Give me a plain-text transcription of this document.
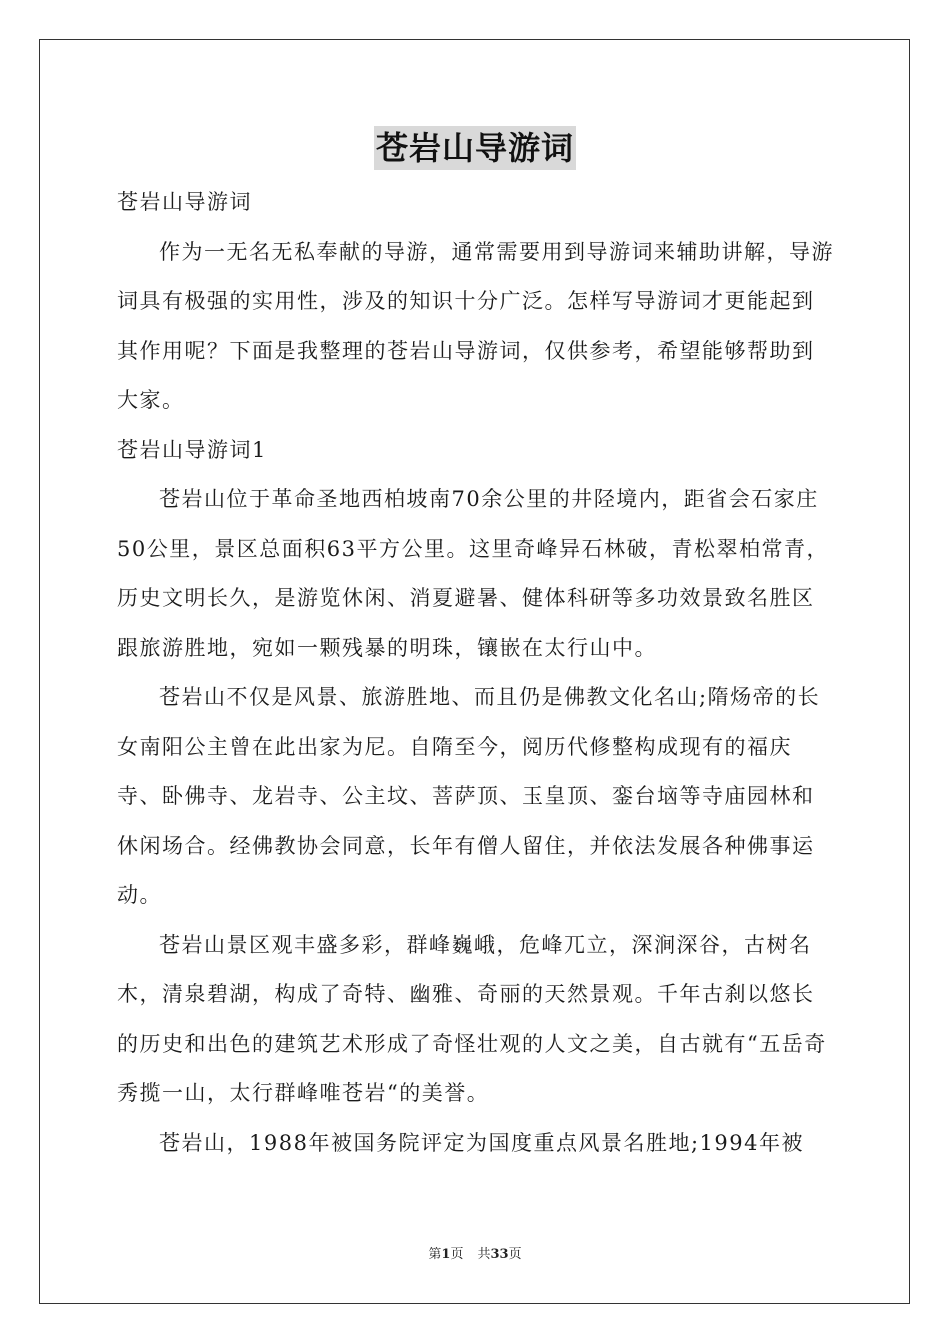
苍岩山导游词

苍岩山导游词

作为一无名无私奉献的导游，通常需要用到导游词来辅助讲解，导游词具有极强的实用性，涉及的知识十分广泛。怎样写导游词才更能起到其作用呢？下面是我整理的苍岩山导游词，仅供参考，希望能够帮助到大家。

苍岩山导游词1

苍岩山位于革命圣地西柏坡南70余公里的井陉境内，距省会石家庄50公里，景区总面积63平方公里。这里奇峰异石林破，青松翠柏常青，历史文明长久，是游览休闲、消夏避暑、健体科研等多功效景致名胜区跟旅游胜地，宛如一颗残暴的明珠，镶嵌在太行山中。

苍岩山不仅是风景、旅游胜地、而且仍是佛教文化名山;隋炀帝的长女南阳公主曾在此出家为尼。自隋至今，阅历代修整构成现有的福庆寺、卧佛寺、龙岩寺、公主坟、菩萨顶、玉皇顶、銮台垴等寺庙园林和休闲场合。经佛教协会同意，长年有僧人留住，并依法发展各种佛事运动。

苍岩山景区观丰盛多彩，群峰巍峨，危峰兀立，深涧深谷，古树名木，清泉碧湖，构成了奇特、幽雅、奇丽的天然景观。千年古刹以悠长的历史和出色的建筑艺术形成了奇怪壮观的人文之美，自古就有“五岳奇秀揽一山，太行群峰唯苍岩“的美誉。

苍岩山，1988年被国务院评定为国度重点风景名胜地;1994年被

第1页 共33页
